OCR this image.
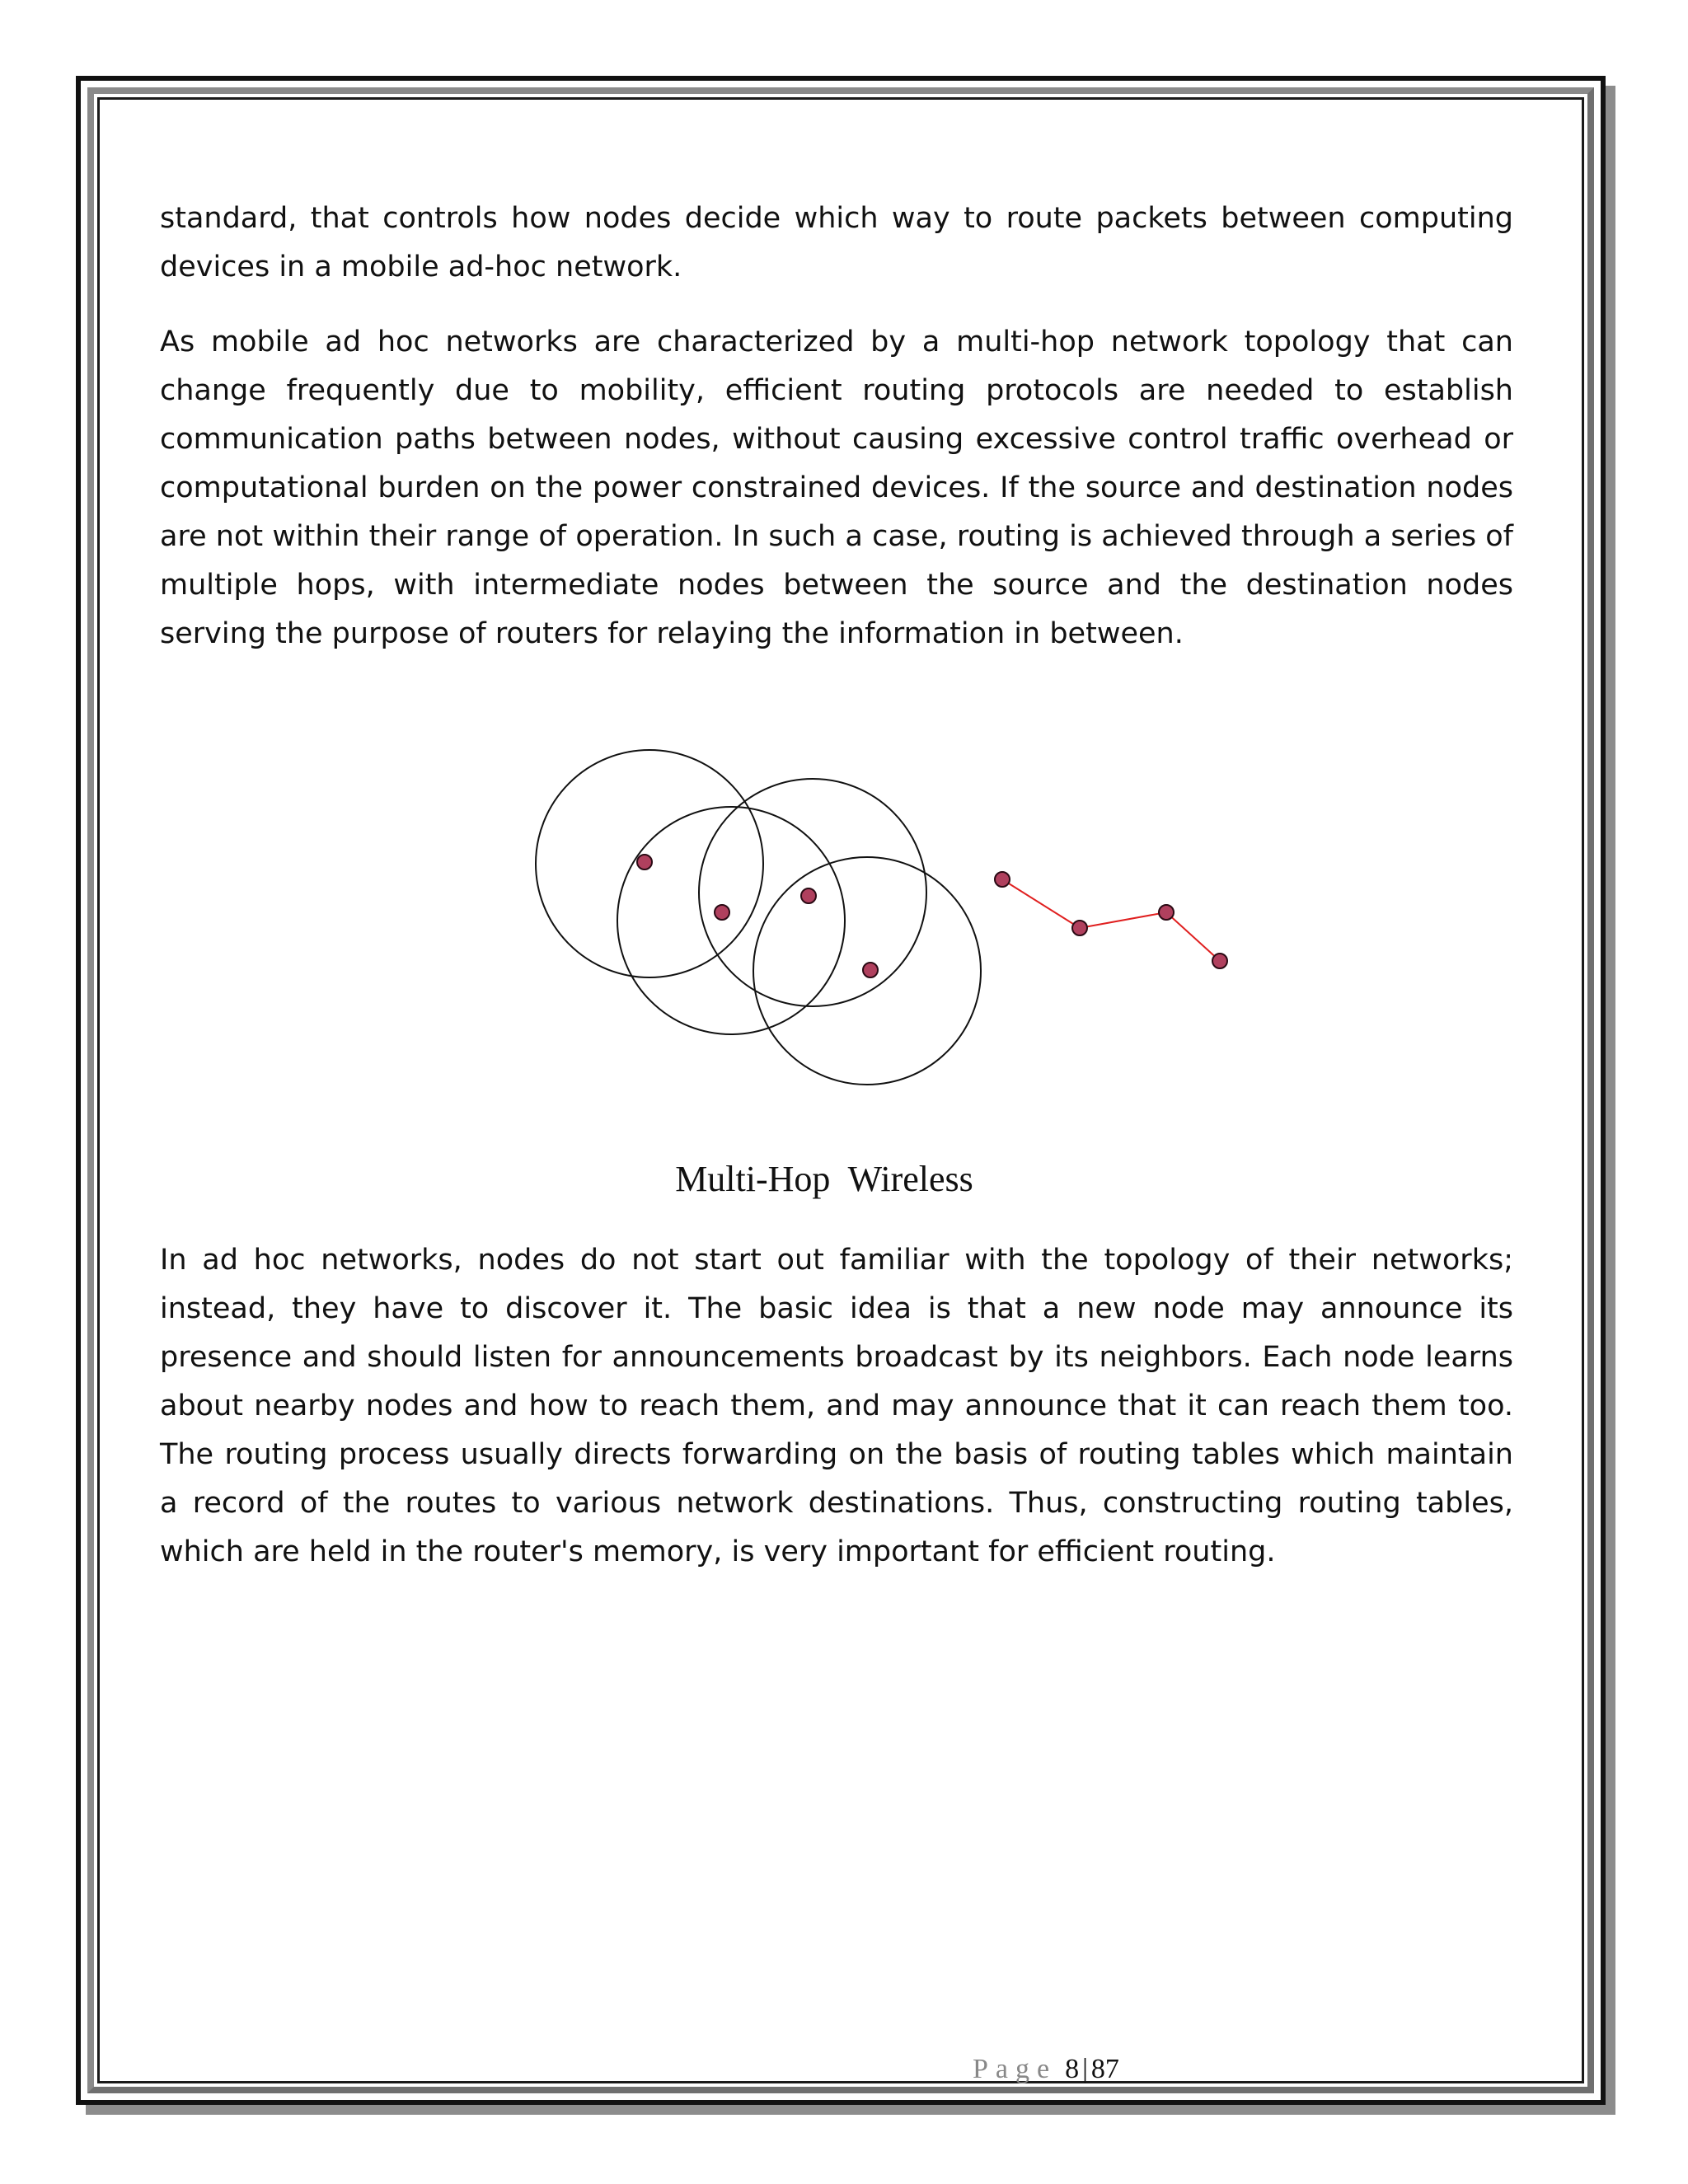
standard, that controls how nodes decide which way to route packets between computing devices in a mobile ad-hoc network.

As mobile ad hoc networks are characterized by a multi-hop network topology that can change frequently due to mobility, efficient routing protocols are needed to establish communication paths between nodes, without causing excessive control traffic overhead or computational burden on the power constrained devices. If the source and destination nodes are not within their range of operation. In such a case, routing is achieved through a series of multiple hops, with intermediate nodes between the source and the destination nodes serving the purpose of routers for relaying the information in between.

Multi-Hop  Wireless

In ad hoc networks, nodes do not start out familiar with the topology of their networks; instead, they have to discover it. The basic idea is that a new node may announce its presence and should listen for announcements broadcast by its neighbors. Each node learns about nearby nodes and how to reach them, and may announce that it can reach them too. The routing process usually directs forwarding on the basis of routing tables which maintain a record of the routes to various network destinations. Thus, constructing routing tables, which are held in the router's memory, is very important for efficient routing.

Page 8 | 87
